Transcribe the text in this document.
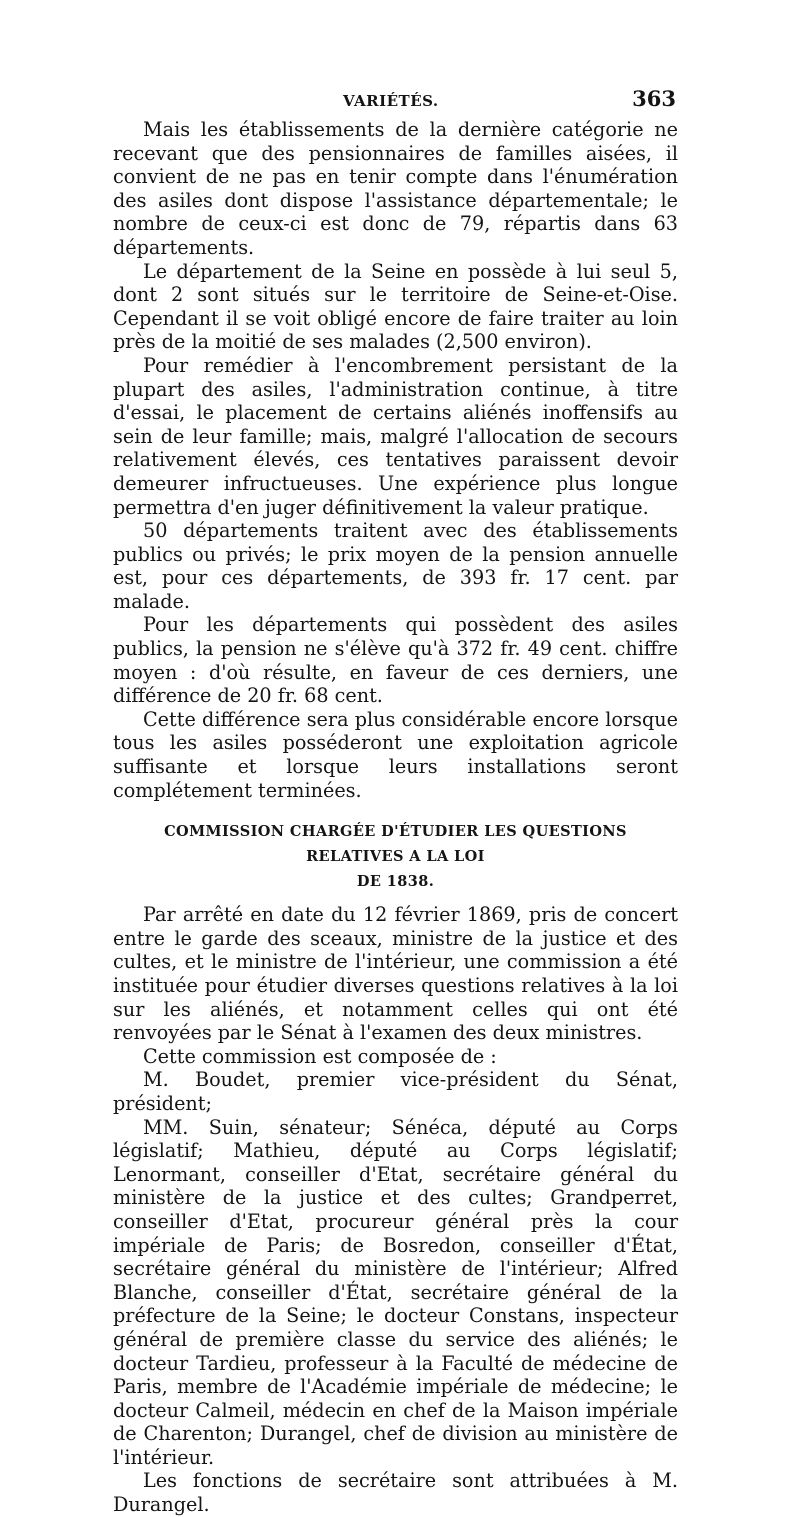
VARIÉTÉS.	363

Mais les établissements de la dernière catégorie ne recevant que des pensionnaires de familles aisées, il convient de ne pas en tenir compte dans l'énumération des asiles dont dispose l'assistance départementale; le nombre de ceux-ci est donc de 79, répartis dans 63 départements.

Le département de la Seine en possède à lui seul 5, dont 2 sont situés sur le territoire de Seine-et-Oise. Cependant il se voit obligé encore de faire traiter au loin près de la moitié de ses malades (2,500 environ).

Pour remédier à l'encombrement persistant de la plupart des asiles, l'administration continue, à titre d'essai, le placement de certains aliénés inoffensifs au sein de leur famille; mais, malgré l'allocation de secours relativement élevés, ces tentatives paraissent devoir demeurer infructueuses. Une expérience plus longue permettra d'en juger définitivement la valeur pratique.

50 départements traitent avec des établissements publics ou privés; le prix moyen de la pension annuelle est, pour ces départements, de 393 fr. 17 cent. par malade.

Pour les départements qui possèdent des asiles publics, la pension ne s'élève qu'à 372 fr. 49 cent. chiffre moyen : d'où résulte, en faveur de ces derniers, une différence de 20 fr. 68 cent.

Cette différence sera plus considérable encore lorsque tous les asiles posséderont une exploitation agricole suffisante et lorsque leurs installations seront complétement terminées.

COMMISSION CHARGÉE D'ÉTUDIER LES QUESTIONS RELATIVES A LA LOI
DE 1838.

Par arrêté en date du 12 février 1869, pris de concert entre le garde des sceaux, ministre de la justice et des cultes, et le ministre de l'intérieur, une commission a été instituée pour étudier diverses questions relatives à la loi sur les aliénés, et notamment celles qui ont été renvoyées par le Sénat à l'examen des deux ministres.

Cette commission est composée de :

M. Boudet, premier vice-président du Sénat, président;

MM. Suin, sénateur; Sénéca, député au Corps législatif; Mathieu, député au Corps législatif; Lenormant, conseiller d'Etat, secrétaire général du ministère de la justice et des cultes; Grandperret, conseiller d'Etat, procureur général près la cour impériale de Paris; de Bosredon, conseiller d'État, secrétaire général du ministère de l'intérieur; Alfred Blanche, conseiller d'État, secrétaire général de la préfecture de la Seine; le docteur Constans, inspecteur général de première classe du service des aliénés; le docteur Tardieu, professeur à la Faculté de médecine de Paris, membre de l'Académie impériale de médecine; le docteur Calmeil, médecin en chef de la Maison impériale de Charenton; Durangel, chef de division au ministère de l'intérieur.

Les fonctions de secrétaire sont attribuées à M. Durangel.
